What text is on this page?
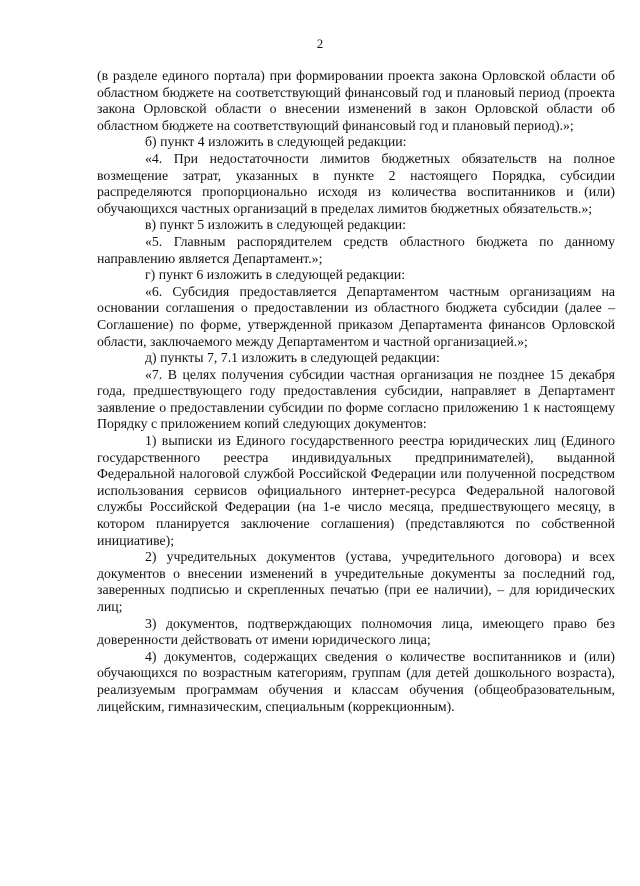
2

(в разделе единого портала) при формировании проекта закона Орловской области об областном бюджете на соответствующий финансовый год и плановый период (проекта закона Орловской области о внесении изменений в закон Орловской области об областном бюджете на соответствующий финансовый год и плановый период).»;

б) пункт 4 изложить в следующей редакции:

«4. При недостаточности лимитов бюджетных обязательств на полное возмещение затрат, указанных в пункте 2 настоящего Порядка, субсидии распределяются пропорционально исходя из количества воспитанников и (или) обучающихся частных организаций в пределах лимитов бюджетных обязательств.»;

в) пункт 5 изложить в следующей редакции:

«5. Главным распорядителем средств областного бюджета по данному направлению является Департамент.»;

г) пункт 6 изложить в следующей редакции:

«6. Субсидия предоставляется Департаментом частным организациям на основании соглашения о предоставлении из областного бюджета субсидии (далее – Соглашение) по форме, утвержденной приказом Департамента финансов Орловской области, заключаемого между Департаментом и частной организацией.»;

д) пункты 7, 7.1 изложить в следующей редакции:

«7. В целях получения субсидии частная организация не позднее 15 декабря года, предшествующего году предоставления субсидии, направляет в Департамент заявление о предоставлении субсидии по форме согласно приложению 1 к настоящему Порядку с приложением копий следующих документов:

1) выписки из Единого государственного реестра юридических лиц (Единого государственного реестра индивидуальных предпринимателей), выданной Федеральной налоговой службой Российской Федерации или полученной посредством использования сервисов официального интернет-ресурса Федеральной налоговой службы Российской Федерации (на 1-е число месяца, предшествующего месяцу, в котором планируется заключение соглашения) (представляются по собственной инициативе);

2) учредительных документов (устава, учредительного договора) и всех документов о внесении изменений в учредительные документы за последний год, заверенных подписью и скрепленных печатью (при ее наличии), – для юридических лиц;

3) документов, подтверждающих полномочия лица, имеющего право без доверенности действовать от имени юридического лица;

4) документов, содержащих сведения о количестве воспитанников и (или) обучающихся по возрастным категориям, группам (для детей дошкольного возраста), реализуемым программам обучения и классам обучения (общеобразовательным, лицейским, гимназическим, специальным (коррекционным).
